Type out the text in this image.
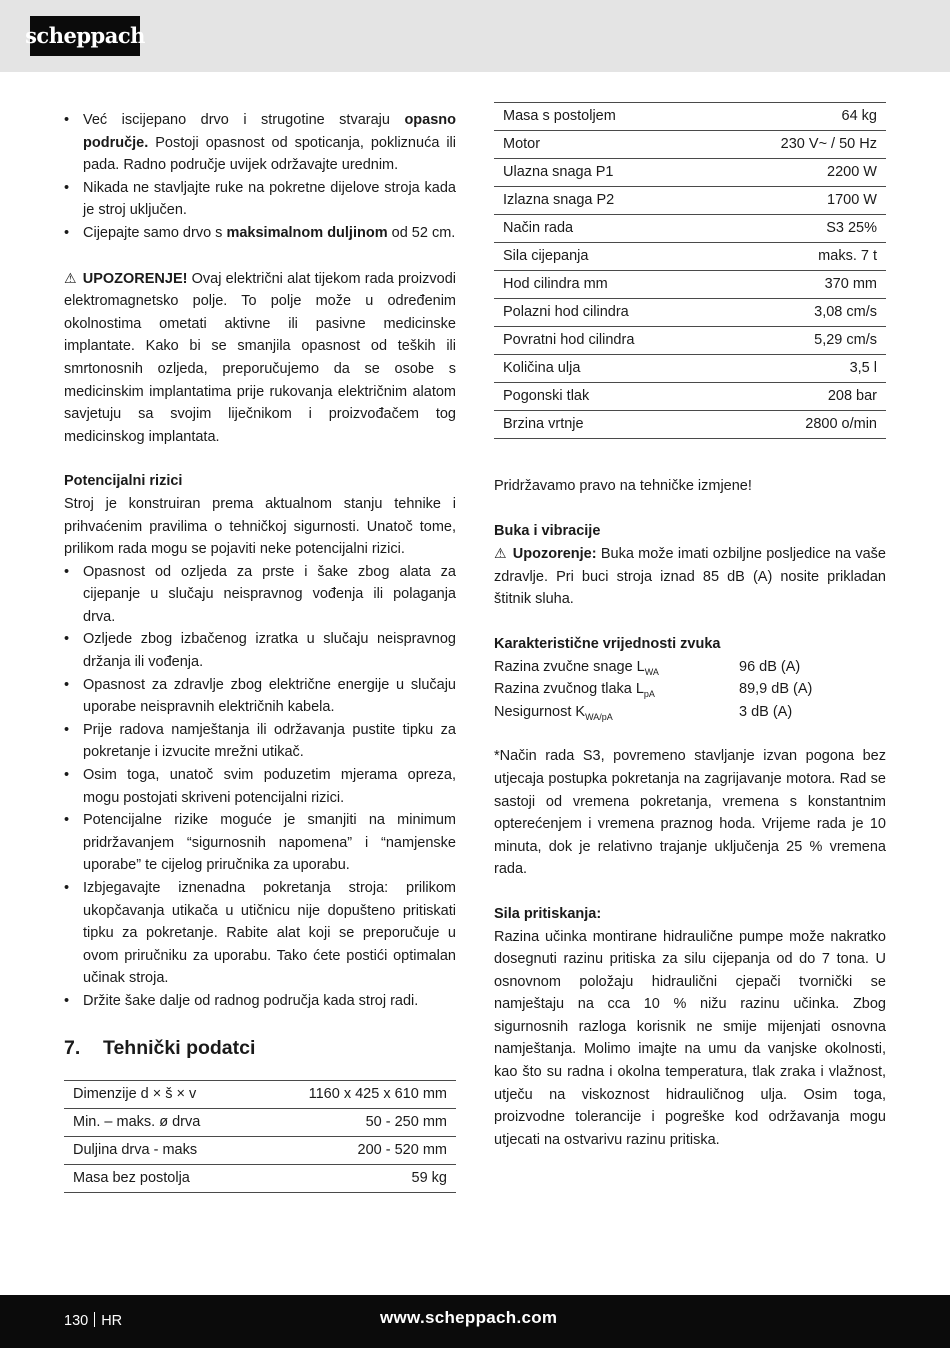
scheppach
• Već iscijepano drvo i strugotine stvaraju opasno područje. Postoji opasnost od spoticanja, pokliznuća ili pada. Radno područje uvijek održavajte urednim.
• Nikada ne stavljajte ruke na pokretne dijelove stroja kada je stroj uključen.
• Cijepajte samo drvo s maksimalnom duljinom od 52 cm.

⚠ UPOZORENJE! Ovaj električni alat tijekom rada proizvodi elektromagnetsko polje. To polje može u određenim okolnostima ometati aktivne ili pasivne medicinske implantate. Kako bi se smanjila opasnost od teških ili smrtonosnih ozljeda, preporučujemo da se osobe s medicinskim implantatima prije rukovanja električnim alatom savjetuju sa svojim liječnikom i proizvođačem tog medicinskog implantata.

Potencijalni rizici

Stroj je konstruiran prema aktualnom stanju tehnike i prihvaćenim pravilima o tehničkoj sigurnosti. Unatoč tome, prilikom rada mogu se pojaviti neke potencijalni rizici.

• Opasnost od ozljeda za prste i šake zbog alata za cijepanje u slučaju neispravnog vođenja ili polaganja drva.
• Ozljede zbog izbačenog izratka u slučaju neispravnog držanja ili vođenja.
• Opasnost za zdravlje zbog električne energije u slučaju uporabe neispravnih električnih kabela.
• Prije radova namještanja ili održavanja pustite tipku za pokretanje i izvucite mrežni utikač.
• Osim toga, unatoč svim poduzetim mjerama opreza, mogu postojati skriveni potencijalni rizici.
• Potencijalne rizike moguće je smanjiti na minimum pridržavanjem “sigurnosnih napomena” i “namjenske uporabe” te cijelog priručnika za uporabu.
• Izbjegavajte iznenadna pokretanja stroja: prilikom ukopčavanja utikača u utičnicu nije dopušteno pritiskati tipku za pokretanje. Rabite alat koji se preporučuje u ovom priručniku za uporabu. Tako ćete postići optimalan učinak stroja.
• Držite šake dalje od radnog područja kada stroj radi.
7. Tehnički podatci
Dimenzije d × š × v	1160 x 425 x 610 mm
Min. – maks. ø drva	50 - 250 mm
Duljina drva - maks	200 - 520 mm
Masa bez postolja	59 kg
Masa s postoljem	64 kg
Motor	230 V~ / 50 Hz
Ulazna snaga P1	2200 W
Izlazna snaga P2	1700 W
Način rada	S3 25%
Sila cijepanja	maks. 7 t
Hod cilindra mm	370 mm
Polazni hod cilindra	3,08 cm/s
Povratni hod cilindra	5,29 cm/s
Količina ulja	3,5 l
Pogonski tlak	208 bar
Brzina vrtnje	2800 o/min

Pridržavamo pravo na tehničke izmjene!

Buka i vibracije

⚠ Upozorenje: Buka može imati ozbiljne posljedice na vaše zdravlje. Pri buci stroja iznad 85 dB (A) nosite prikladan štitnik sluha.

Karakteristične vrijednosti zvuka
Razina zvučne snage $L_{WA}$	96 dB (A)
Razina zvučnog tlaka $L_{pA}$	89,9 dB (A)
Nesigurnost $K_{WA/pA}$	3 dB (A)

*Način rada S3, povremeno stavljanje izvan pogona bez utjecaja postupka pokretanja na zagrijavanje motora. Rad se sastoji od vremena pokretanja, vremena s konstantnim opterećenjem i vremena praznog hoda. Vrijeme rada je 10 minuta, dok je relativno trajanje uključenja 25 % vremena rada.

Sila pritiskanja:

Razina učinka montirane hidraulične pumpe može nakratko dosegnuti razinu pritiska za silu cijepanja od do 7 tona. U osnovnom položaju hidraulični cjepači tvornički se namještaju na cca 10 % nižu razinu učinka. Zbog sigurnosnih razloga korisnik ne smije mijenjati osnovna namještanja. Molimo imajte na umu da vanjske okolnosti, kao što su radna i okolna temperatura, tlak zraka i vlažnost, utječu na viskoznost hidrauličnog ulja. Osim toga, proizvodne tolerancije i pogreške kod održavanja mogu utjecati na ostvarivu razinu pritiska.

130 HR	www.scheppach.com
